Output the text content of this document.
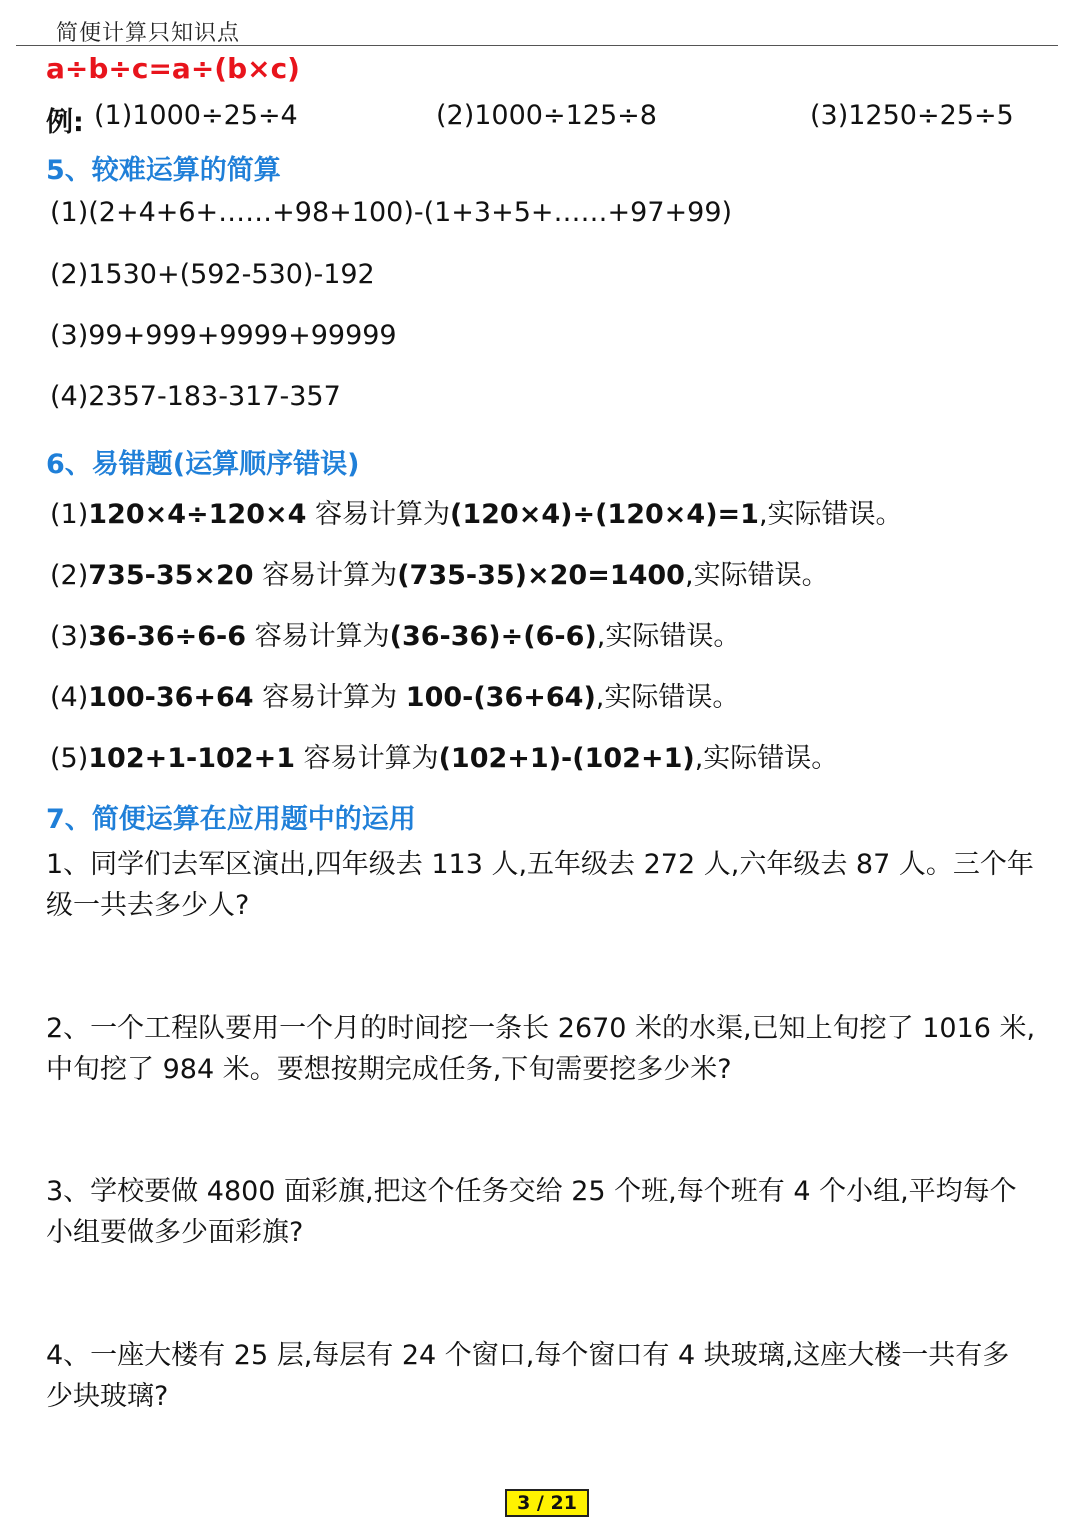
简便计算只知识点
a÷b÷c=a÷(b×c)
例: (1)1000÷25÷4	(2)1000÷125÷8	(3)1250÷25÷5
5、较难运算的简算
(1)(2+4+6+……+98+100)-(1+3+5+……+97+99)
(2)1530+(592-530)-192
(3)99+999+9999+99999
(4)2357-183-317-357
6、易错题(运算顺序错误)
(1)120×4÷120×4 容易计算为(120×4)÷(120×4)=1,实际错误。
(2)735-35×20 容易计算为(735-35)×20=1400,实际错误。
(3)36-36÷6-6 容易计算为(36-36)÷(6-6),实际错误。
(4)100-36+64 容易计算为 100-(36+64),实际错误。
(5)102+1-102+1 容易计算为(102+1)-(102+1),实际错误。
7、简便运算在应用题中的运用
1、同学们去军区演出,四年级去 113 人,五年级去 272 人,六年级去 87 人。三个年级一共去多少人?
2、一个工程队要用一个月的时间挖一条长 2670 米的水渠,已知上旬挖了 1016 米,中旬挖了 984 米。要想按期完成任务,下旬需要挖多少米?
3、学校要做 4800 面彩旗,把这个任务交给 25 个班,每个班有 4 个小组,平均每个小组要做多少面彩旗?
4、一座大楼有 25 层,每层有 24 个窗口,每个窗口有 4 块玻璃,这座大楼一共有多少块玻璃?
3 / 21
